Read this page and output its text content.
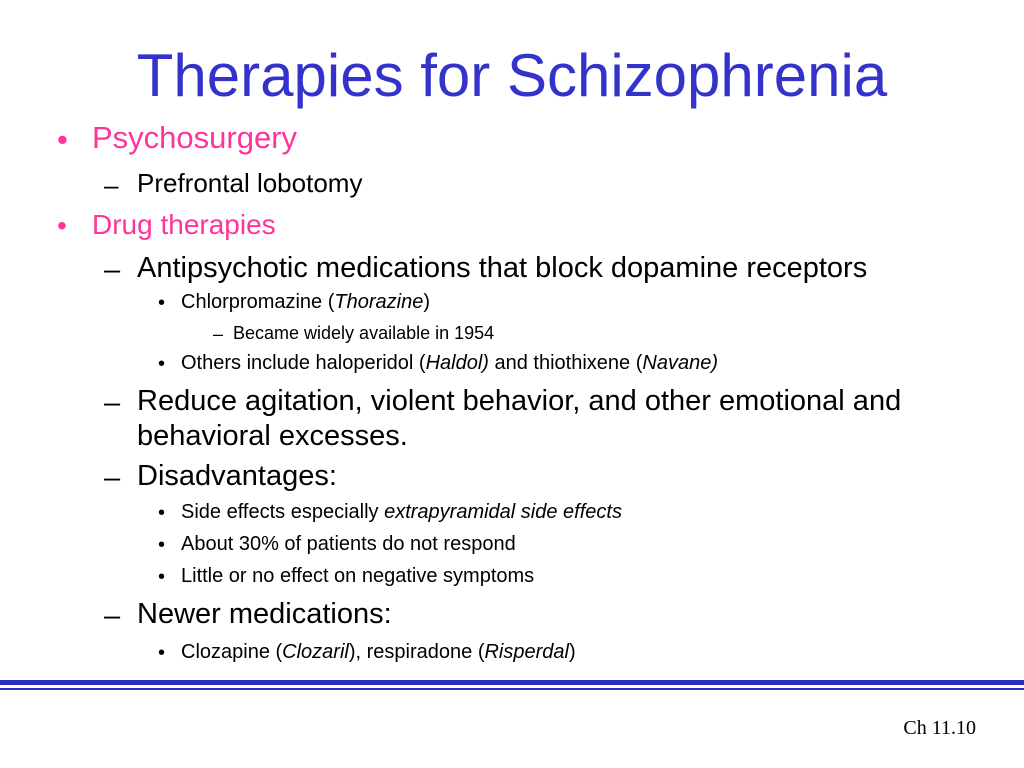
Therapies for Schizophrenia
• Psychosurgery
– Prefrontal lobotomy
• Drug therapies
– Antipsychotic medications that block dopamine receptors
• Chlorpromazine (Thorazine)
– Became widely available in 1954
• Others include haloperidol (Haldol) and thiothixene (Navane)
– Reduce agitation, violent behavior, and other emotional and
behavioral excesses.
– Disadvantages:
• Side effects especially extrapyramidal side effects
• About 30% of patients do not respond
• Little or no effect on negative symptoms
– Newer medications:
• Clozapine (Clozaril), respiradone (Risperdal)
Ch 11.10
